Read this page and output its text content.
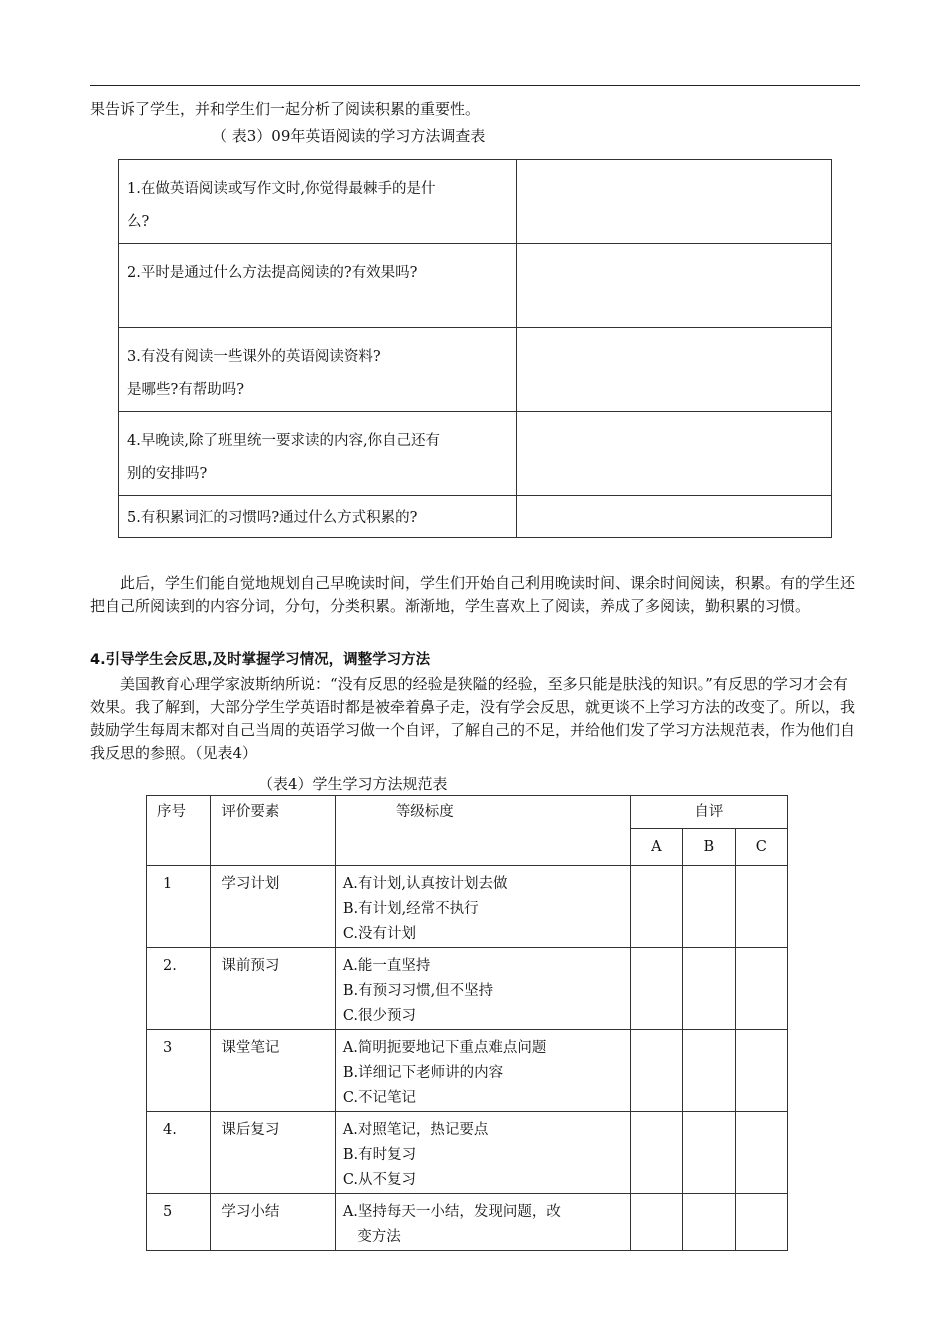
果告诉了学生，并和学生们一起分析了阅读积累的重要性。
（ 表3）09年英语阅读的学习方法调查表
1.在做英语阅读或写作文时,你觉得最棘手的是什
么?	

2.平时是通过什么方法提高阅读的?有效果吗?	

3.有没有阅读一些课外的英语阅读资料?
是哪些?有帮助吗?	

4.早晚读,除了班里统一要求读的内容,你自己还有
别的安排吗?	

5.有积累词汇的习惯吗?通过什么方式积累的?	

此后，学生们能自觉地规划自己早晚读时间，学生们开始自己利用晚读时间、课余时间阅读，积累。有的学生还把自己所阅读到的内容分词，分句，分类积累。渐渐地，学生喜欢上了阅读，养成了多阅读，勤积累的习惯。

4.引导学生会反思,及时掌握学习情况，调整学习方法

美国教育心理学家波斯纳所说：“没有反思的经验是狭隘的经验，至多只能是肤浅的知识。”有反思的学习才会有效果。我了解到，大部分学生学英语时都是被牵着鼻子走，没有学会反思，就更谈不上学习方法的改变了。所以，我鼓励学生每周末都对自己当周的英语学习做一个自评，了解自己的不足，并给他们发了学习方法规范表，作为他们自我反思的参照。（见表4）

（表4）学生学习方法规范表
序号	评价要素	等级标度	自评		
			A	B	C
1	学习计划	A.有计划,认真按计划去做
B.有计划,经常不执行
C.没有计划			

2.	课前预习	A.能一直坚持
B.有预习习惯,但不坚持
C.很少预习			

3	课堂笔记	A.简明扼要地记下重点难点问题
B.详细记下老师讲的内容
C.不记笔记			

4.	课后复习	A.对照笔记，热记要点
B.有时复习
C.从不复习			

5	学习小结	A.坚持每天一小结，发现问题，改
变方法			
